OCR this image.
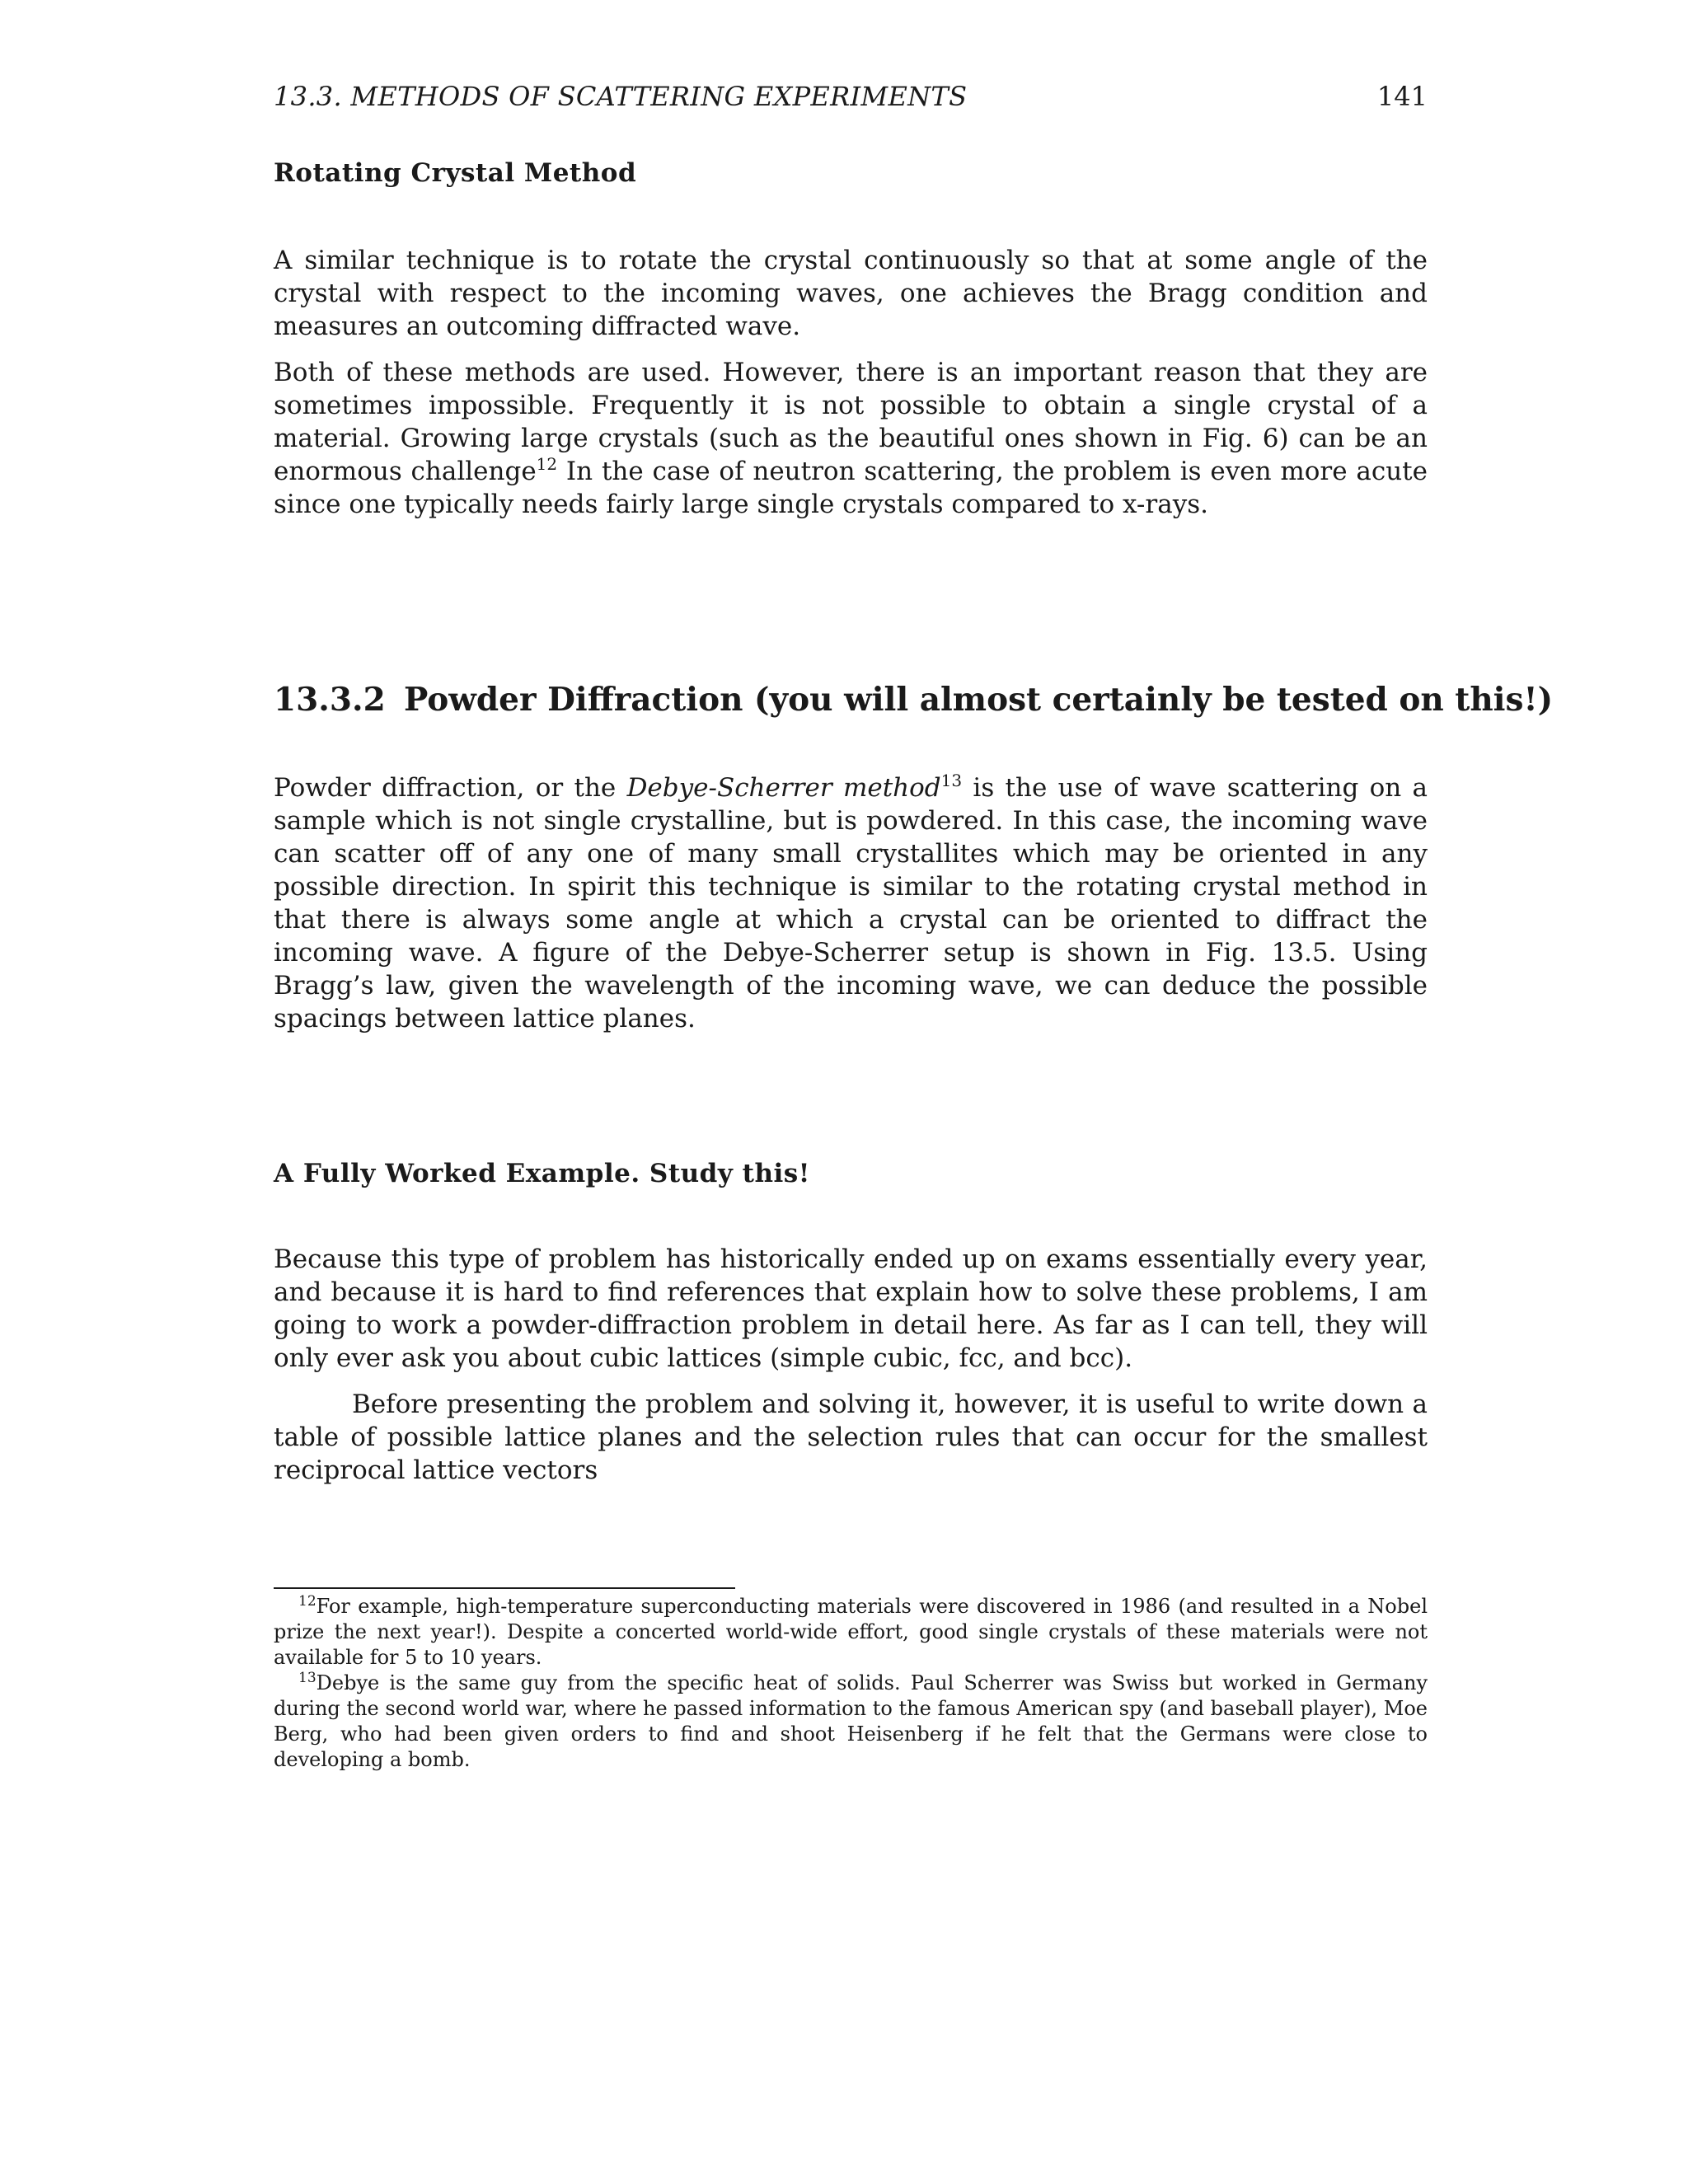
13.3. METHODS OF SCATTERING EXPERIMENTS	141
Rotating Crystal Method

A similar technique is to rotate the crystal continuously so that at some angle of the crystal with respect to the incoming waves, one achieves the Bragg condition and measures an outcoming diffracted wave.

Both of these methods are used. However, there is an important reason that they are sometimes impossible. Frequently it is not possible to obtain a single crystal of a material. Growing large crystals (such as the beautiful ones shown in Fig. 6) can be an enormous challenge$^{12}$ In the case of neutron scattering, the problem is even more acute since one typically needs fairly large single crystals compared to x-rays.

13.3.2 Powder Diffraction (you will almost certainly be tested on this!)

Powder diffraction, or the Debye-Scherrer method$^{13}$ is the use of wave scattering on a sample which is not single crystalline, but is powdered. In this case, the incoming wave can scatter off of any one of many small crystallites which may be oriented in any possible direction. In spirit this technique is similar to the rotating crystal method in that there is always some angle at which a crystal can be oriented to diffract the incoming wave. A figure of the Debye-Scherrer setup is shown in Fig. 13.5. Using Bragg’s law, given the wavelength of the incoming wave, we can deduce the possible spacings between lattice planes.

A Fully Worked Example. Study this!

Because this type of problem has historically ended up on exams essentially every year, and because it is hard to find references that explain how to solve these problems, I am going to work a powder-diffraction problem in detail here. As far as I can tell, they will only ever ask you about cubic lattices (simple cubic, fcc, and bcc).

Before presenting the problem and solving it, however, it is useful to write down a table of possible lattice planes and the selection rules that can occur for the smallest reciprocal lattice vectors

$^{12}$For example, high-temperature superconducting materials were discovered in 1986 (and resulted in a Nobel prize the next year!). Despite a concerted world-wide effort, good single crystals of these materials were not available for 5 to 10 years.

$^{13}$Debye is the same guy from the specific heat of solids. Paul Scherrer was Swiss but worked in Germany during the second world war, where he passed information to the famous American spy (and baseball player), Moe Berg, who had been given orders to find and shoot Heisenberg if he felt that the Germans were close to developing a bomb.
